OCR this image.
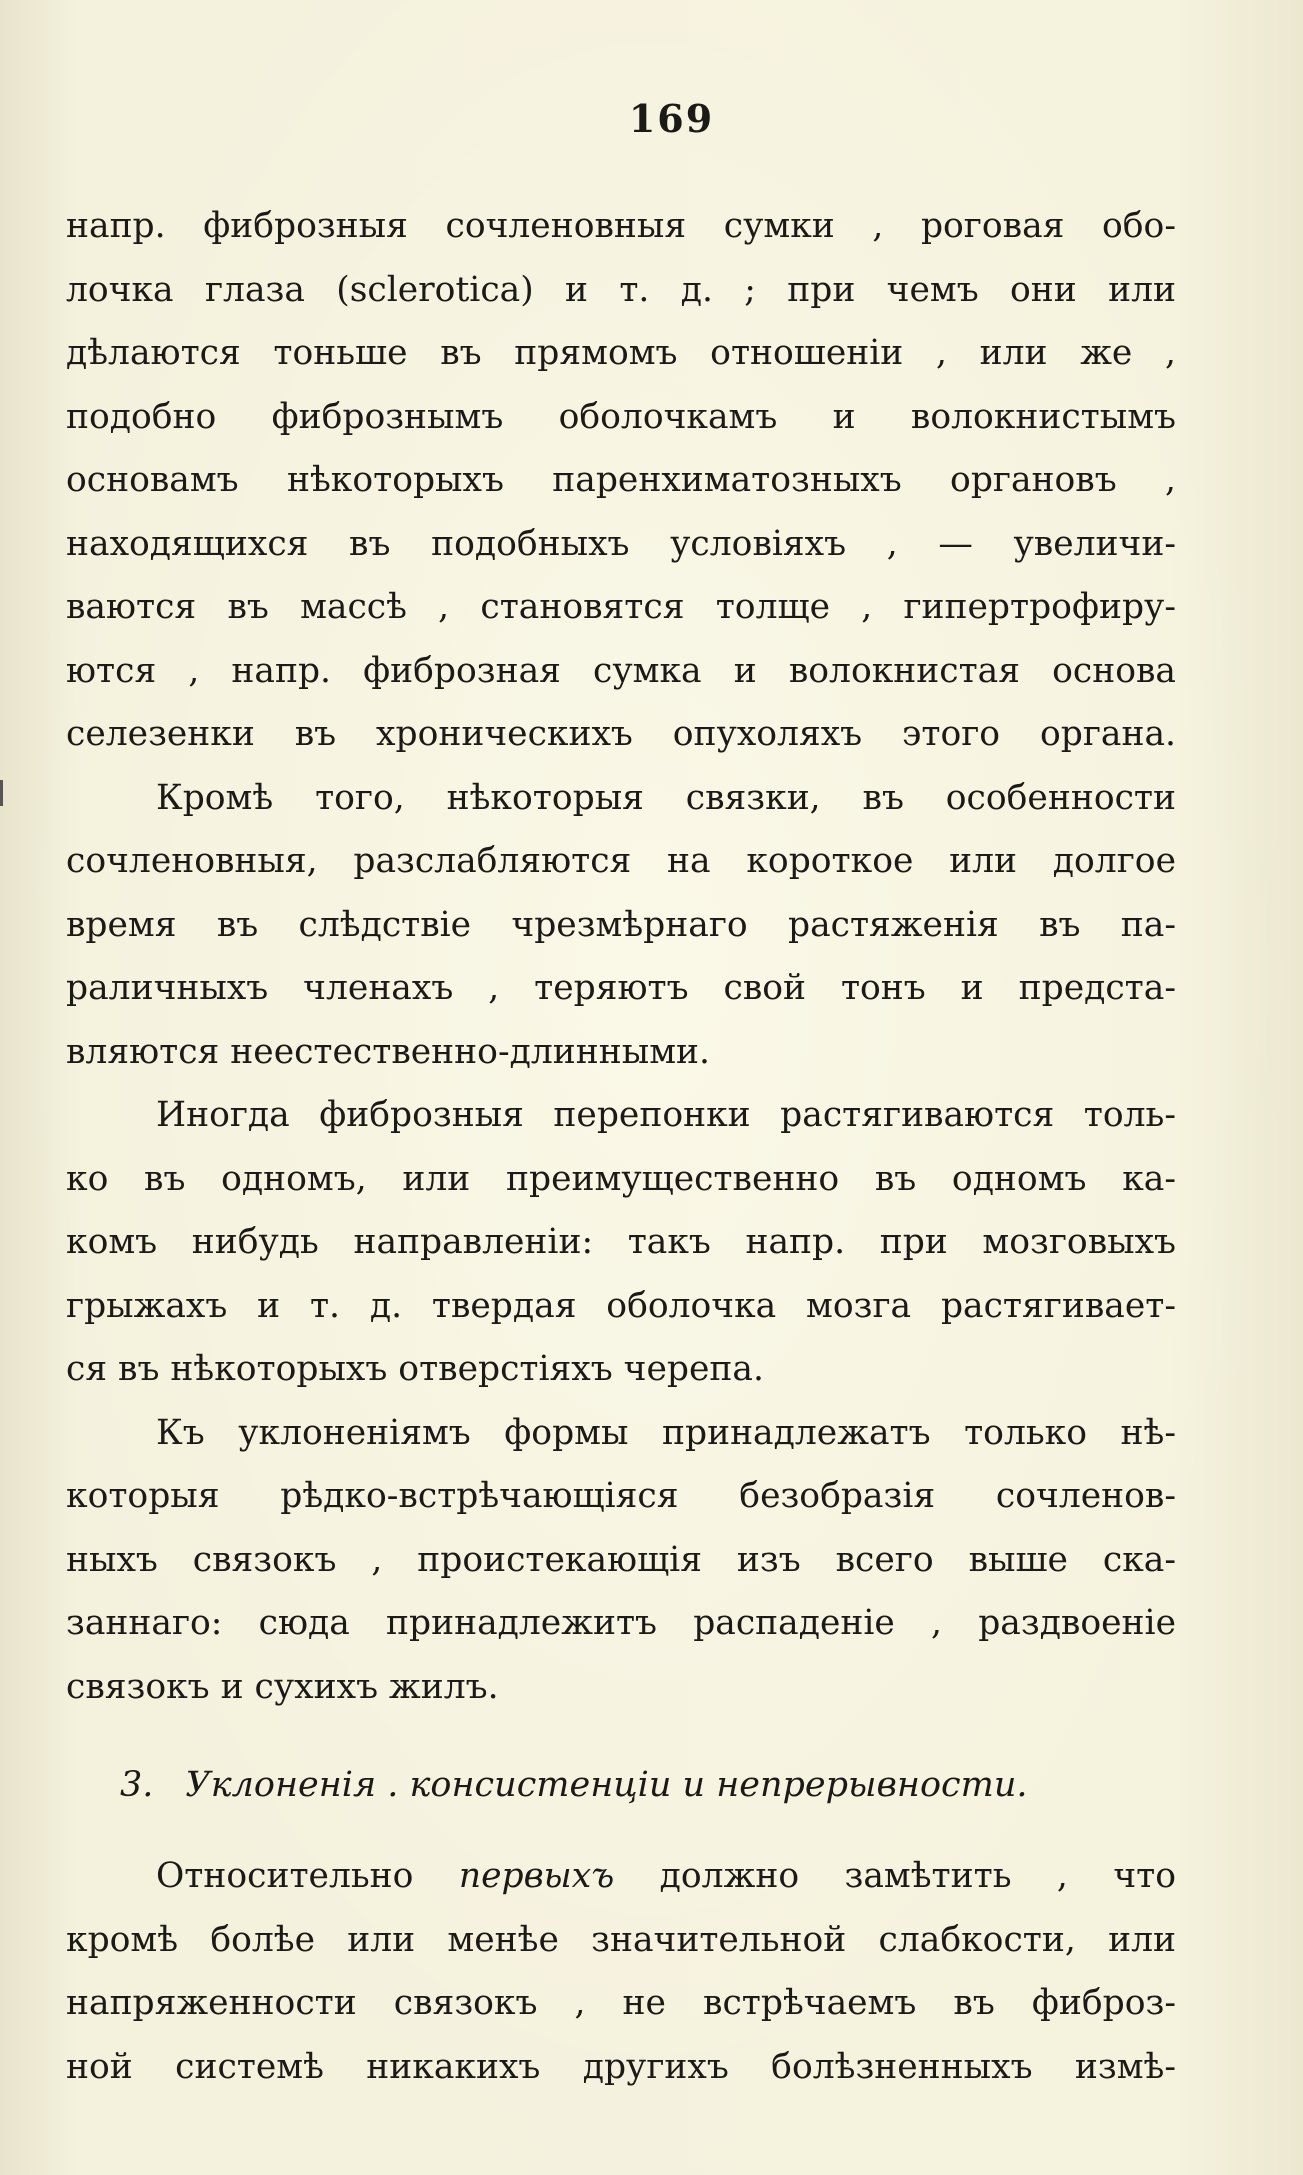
169
напр. фиброзныя сочленовныя сумки , роговая обо-
лочка глаза (sclerotica) и т. д. ; при чемъ они или
дѣлаются тоньше въ прямомъ отношенiи , или же ,
подобно фибрознымъ оболочкамъ и волокнистымъ
основамъ нѣкоторыхъ паренхиматозныхъ органовъ ,
находящихся въ подобныхъ условiяхъ , — увеличи-
ваются въ массѣ , становятся толще , гипертрофиру-
ются , напр. фиброзная сумка и волокнистая основа
селезенки въ хроническихъ опухоляхъ этого органа.
Кромѣ того, нѣкоторыя связки, въ особенности
сочленовныя, разслабляются на короткое или долгое
время въ слѣдствiе чрезмѣрнаго растяженiя въ па-
раличныхъ членахъ , теряютъ свой тонъ и предста-
вляются неестественно-длинными.
Иногда фиброзныя перепонки растягиваются толь-
ко въ одномъ, или преимущественно въ одномъ ка-
комъ нибудь направленiи: такъ напр. при мозговыхъ
грыжахъ и т. д. твердая оболочка мозга растягивает-
ся въ нѣкоторыхъ отверстiяхъ черепа.
Къ уклоненiямъ формы принадлежатъ только нѣ-
которыя рѣдко-встрѣчающiяся безобразiя сочленов-
ныхъ связокъ , проистекающiя изъ всего выше ска-
заннаго: сюда принадлежитъ распаденiе , раздвоенiе
связокъ и сухихъ жилъ.
3. Уклоненiя . консистенцiи и непрерывности.
Относительно первыхъ должно замѣтить , что
кромѣ болѣе или менѣе значительной слабкости, или
напряженности связокъ , не встрѣчаемъ въ фиброз-
ной системѣ никакихъ другихъ болѣзненныхъ измѣ-
